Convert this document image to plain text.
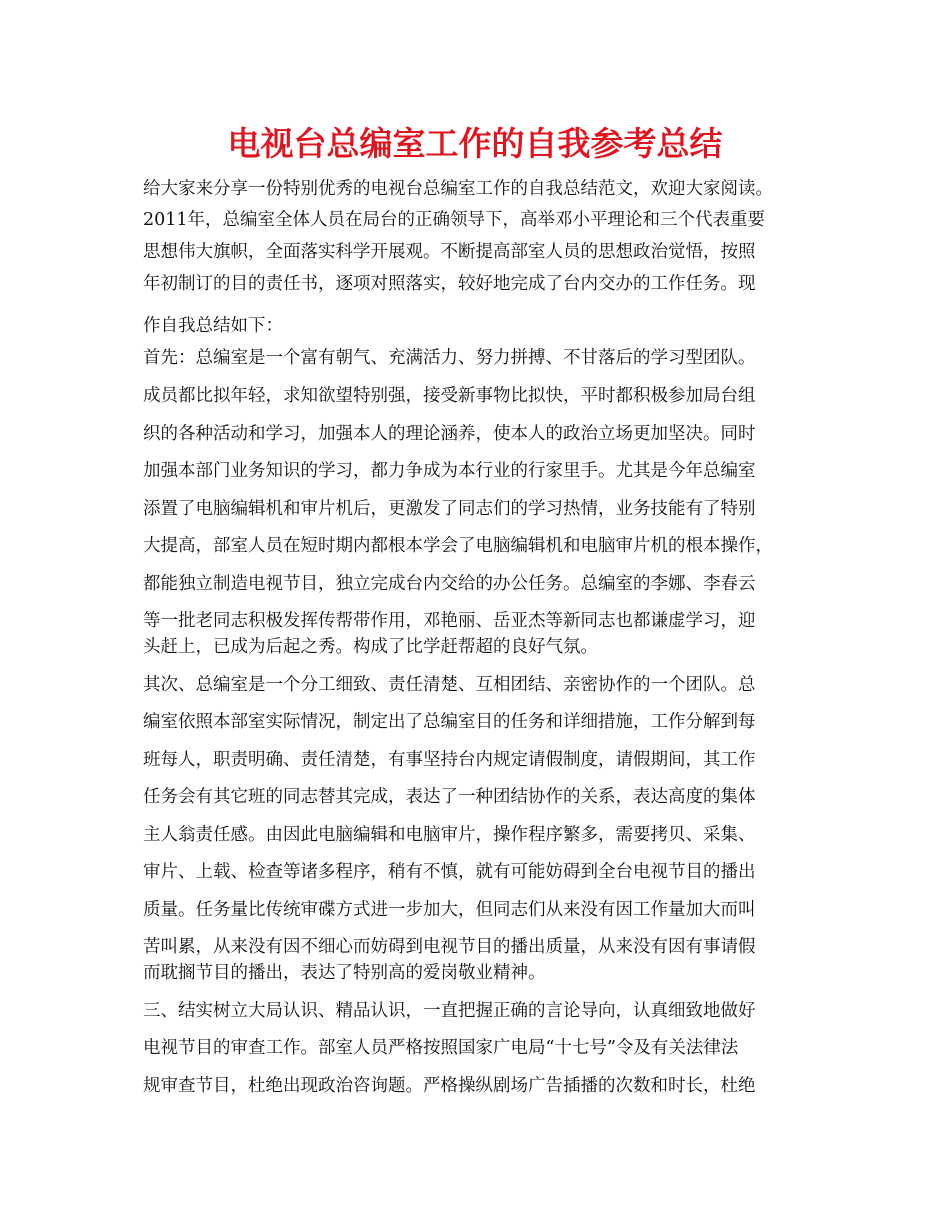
电视台总编室工作的自我参考总结

给大家来分享一份特别优秀的电视台总编室工作的自我总结范文，欢迎大家阅读。

2011年，总编室全体人员在局台的正确领导下，高举邓小平理论和三个代表重要

思想伟大旗帜，全面落实科学开展观。不断提高部室人员的思想政治觉悟，按照

年初制订的目的责任书，逐项对照落实，较好地完成了台内交办的工作任务。现

作自我总结如下：

首先：总编室是一个富有朝气、充满活力、努力拼搏、不甘落后的学习型团队。

成员都比拟年轻，求知欲望特别强，接受新事物比拟快，平时都积极参加局台组

织的各种活动和学习，加强本人的理论涵养，使本人的政治立场更加坚决。同时

加强本部门业务知识的学习，都力争成为本行业的行家里手。尤其是今年总编室

添置了电脑编辑机和审片机后，更激发了同志们的学习热情，业务技能有了特别

大提高，部室人员在短时期内都根本学会了电脑编辑机和电脑审片机的根本操作，

都能独立制造电视节目，独立完成台内交给的办公任务。总编室的李娜、李春云

等一批老同志积极发挥传帮带作用，邓艳丽、岳亚杰等新同志也都谦虚学习，迎

头赶上，已成为后起之秀。构成了比学赶帮超的良好气氛。

其次、总编室是一个分工细致、责任清楚、互相团结、亲密协作的一个团队。总

编室依照本部室实际情况，制定出了总编室目的任务和详细措施，工作分解到每

班每人，职责明确、责任清楚，有事坚持台内规定请假制度，请假期间，其工作

任务会有其它班的同志替其完成，表达了一种团结协作的关系，表达高度的集体

主人翁责任感。由因此电脑编辑和电脑审片，操作程序繁多，需要拷贝、采集、

审片、上载、检查等诸多程序，稍有不慎，就有可能妨碍到全台电视节目的播出

质量。任务量比传统审碟方式进一步加大，但同志们从来没有因工作量加大而叫

苦叫累，从来没有因不细心而妨碍到电视节目的播出质量，从来没有因有事请假

而耽搁节目的播出，表达了特别高的爱岗敬业精神。

三、结实树立大局认识、精品认识，一直把握正确的言论导向，认真细致地做好

电视节目的审查工作。部室人员严格按照国家广电局“十七号”令及有关法律法

规审查节目，杜绝出现政治咨询题。严格操纵剧场广告插播的次数和时长，杜绝
